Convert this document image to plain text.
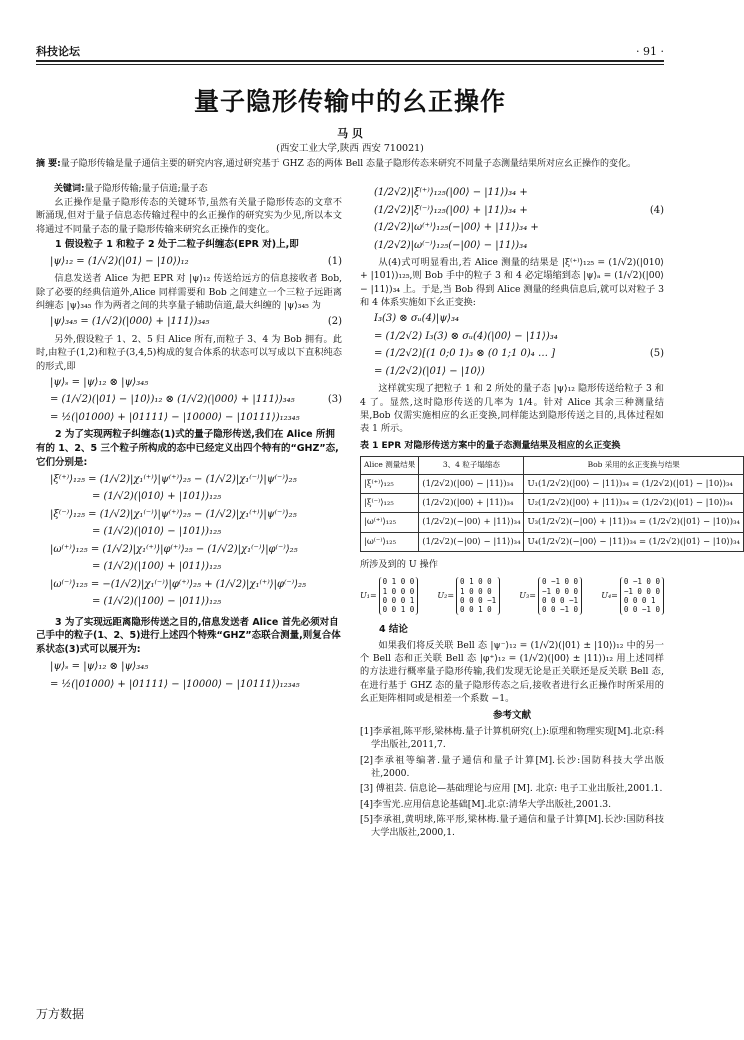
科技论坛	· 91 ·
量子隐形传输中的幺正操作
马 贝
(西安工业大学,陕西 西安 710021)
摘 要:量子隐形传输是量子通信主要的研究内容,通过研究基于 GHZ 态的两体 Bell 态量子隐形传态来研究不同量子态测量结果所对应幺正操作的变化。
关键词:量子隐形传输;量子信道;量子态

幺正操作是量子隐形传态的关键环节,虽然有关量子隐形传态的文章不断涌现,但对于量子信息态传输过程中的幺正操作的研究实为少见,所以本文将通过不同量子态的量子隐形传输来研究幺正操作的变化。

1 假设粒子 1 和粒子 2 处于二粒子纠缠态(EPR 对)上,即
|ψ⟩₁₂ = (1/√2)(|01⟩ − |10⟩)₁₂	(1)

信息发送者 Alice 为把 EPR 对 |ψ⟩₁₂ 传送给远方的信息接收者 Bob,除了必要的经典信道外,Alice 同样需要和 Bob 之间建立一个三粒子远距离纠缠态 |ψ⟩₃₄₅ 作为两者之间的共享量子辅助信道,最大纠缠的 |ψ⟩₃₄₅ 为

|ψ⟩₃₄₅ = (1/√2)(|000⟩ + |111⟩)₃₄₅	(2)

另外,假设粒子 1、2、5 归 Alice 所有,而粒子 3、4 为 Bob 拥有。此时,由粒子(1,2)和粒子(3,4,5)构成的复合体系的状态可以写成以下直积纯态的形式,即

|ψ⟩ₛ = |ψ⟩₁₂ ⊗ |ψ⟩₃₄₅
= (1/√2)(|01⟩ − |10⟩)₁₂ ⊗ (1/√2)(|000⟩ + |111⟩)₃₄₅	(3)
= ½(|01000⟩ + |01111⟩ − |10000⟩ − |10111⟩)₁₂₃₄₅
2 为了实现两粒子纠缠态(1)式的量子隐形传送,我们在 Alice 所拥有的 1、2、5 三个粒子所构成的态中已经定义出四个特有的“GHZ”态,它们分别是:
|ξ⁽⁺⁾⟩₁₂₅ = (1/√2)|χ₁⁽⁺⁾⟩|ψ⁽⁺⁾⟩₂₅ − (1/√2)|χ₁⁽⁻⁾⟩|ψ⁽⁻⁾⟩₂₅
= (1/√2)(|010⟩ + |101⟩)₁₂₅
|ξ⁽⁻⁾⟩₁₂₅ = (1/√2)|χ₁⁽⁻⁾⟩|ψ⁽⁺⁾⟩₂₅ − (1/√2)|χ₁⁽⁺⁾⟩|ψ⁽⁻⁾⟩₂₅
= (1/√2)(|010⟩ − |101⟩)₁₂₅
|ω⁽⁺⁾⟩₁₂₅ = (1/√2)|χ₁⁽⁺⁾⟩|φ⁽⁺⁾⟩₂₅ − (1/√2)|χ₁⁽⁻⁾⟩|φ⁽⁻⁾⟩₂₅
= (1/√2)(|100⟩ + |011⟩)₁₂₅
|ω⁽⁻⁾⟩₁₂₅ = −(1/√2)|χ₁⁽⁻⁾⟩|φ⁽⁺⁾⟩₂₅ + (1/√2)|χ₁⁽⁺⁾⟩|φ⁽⁻⁾⟩₂₅
= (1/√2)(|100⟩ − |011⟩)₁₂₅
3 为了实现远距离隐形传送之目的,信息发送者 Alice 首先必须对自己手中的粒子(1、2、5)进行上述四个特殊“GHZ”态联合测量,则复合体系状态(3)式可以展开为:
|ψ⟩ₛ = |ψ⟩₁₂ ⊗ |ψ⟩₃₄₅
= ½(|01000⟩ + |01111⟩ − |10000⟩ − |10111⟩)₁₂₃₄₅
(1/2√2)|ξ⁽⁺⁾⟩₁₂₅(|00⟩ − |11⟩)₃₄ +
(1/2√2)|ξ⁽⁻⁾⟩₁₂₅(|00⟩ + |11⟩)₃₄ +	(4)
(1/2√2)|ω⁽⁺⁾⟩₁₂₅(−|00⟩ + |11⟩)₃₄ +
(1/2√2)|ω⁽⁻⁾⟩₁₂₅(−|00⟩ − |11⟩)₃₄

从(4)式可明显看出,若 Alice 测量的结果是 |ξ⁽⁺⁾⟩₁₂₅ = (1/√2)(|010⟩ + |101⟩)₁₂₅,则 Bob 手中的粒子 3 和 4 必定塌缩到态 |ψ⟩ₐ = (1/√2)(|00⟩ − |11⟩)₃₄ 上。于是,当 Bob 得到 Alice 测量的经典信息后,就可以对粒子 3 和 4 体系实施如下幺正变换:

I₃(3) ⊗ σᵤ(4)|ψ⟩₃₄
= (1/2√2) I₃(3) ⊗ σᵤ(4)(|00⟩ − |11⟩)₃₄
= (1/2√2)[(1 0;0 1)₃ ⊗ (0 1;1 0)₄ … ]	(5)
= (1/2√2)(|01⟩ − |10⟩)

这样就实现了把粒子 1 和 2 所处的量子态 |ψ⟩₁₂ 隐形传送给粒子 3 和 4 了。显然,这时隐形传送的几率为 1/4。针对 Alice 其余三种测量结果,Bob 仅需实施相应的幺正变换,同样能达到隐形传送之目的,具体过程如表 1 所示。

表 1 EPR 对隐形传送方案中的量子态测量结果及相应的幺正变换
Alice 测量结果	3、4 粒子塌缩态	Bob 采用的幺正变换与结果
|ξ⁽⁺⁾⟩₁₂₅	(1/2√2)(|00⟩ − |11⟩)₃₄	U₁(1/2√2)(|00⟩ − |11⟩)₃₄ = (1/2√2)(|01⟩ − |10⟩)₃₄
|ξ⁽⁻⁾⟩₁₂₅	(1/2√2)(|00⟩ + |11⟩)₃₄	U₂(1/2√2)(|00⟩ + |11⟩)₃₄ = (1/2√2)(|01⟩ − |10⟩)₃₄
|ω⁽⁺⁾⟩₁₂₅	(1/2√2)(−|00⟩ + |11⟩)₃₄	U₃(1/2√2)(−|00⟩ + |11⟩)₃₄ = (1/2√2)(|01⟩ − |10⟩)₃₄
|ω⁽⁻⁾⟩₁₂₅	(1/2√2)(−|00⟩ − |11⟩)₃₄	U₄(1/2√2)(−|00⟩ − |11⟩)₃₄ = (1/2√2)(|01⟩ − |10⟩)₃₄

所涉及到的 U 操作

U₁=
0 1 0 0
1 0 0 0
0 0 0 1
0 0 1 0
U₂=
0 1 0 0
1 0 0 0
0 0 0 −1
0 0 1 0
U₃=
0 −1 0 0
−1 0 0 0
0 0 0 −1
0 0 −1 0
U₄=
0 −1 0 0
−1 0 0 0
0 0 0 1
0 0 −1 0
4 结论

如果我们将反关联 Bell 态 |ψ⁻⟩₁₂ = (1/√2)(|01⟩ ± |10⟩)₁₂ 中的另一个 Bell 态和正关联 Bell 态 |φ⁺⟩₁₂ = (1/√2)(|00⟩ ± |11⟩)₁₂ 用上述同样的方法进行概率量子隐形传输,我们发现无论是正关联还是反关联 Bell 态,在进行基于 GHZ 态的量子隐形传态之后,接收者进行幺正操作时所采用的幺正矩阵相同或是相差一个系数 −1。

参考文献

[1]李承祖,陈平形,梁林梅.量子计算机研究(上):原理和物理实现[M].北京:科学出版社,2011,7.

[2]李承祖等编著.量子通信和量子计算[M].长沙:国防科技大学出版社,2000.

[3] 傅祖芸. 信息论—基础理论与应用 [M]. 北京: 电子工业出版社,2001.1.

[4]李雪光.应用信息论基础[M].北京:清华大学出版社,2001.3.

[5]李承祖,黄明球,陈平形,梁林梅.量子通信和量子计算[M].长沙:国防科技大学出版社,2000,1.

万方数据
